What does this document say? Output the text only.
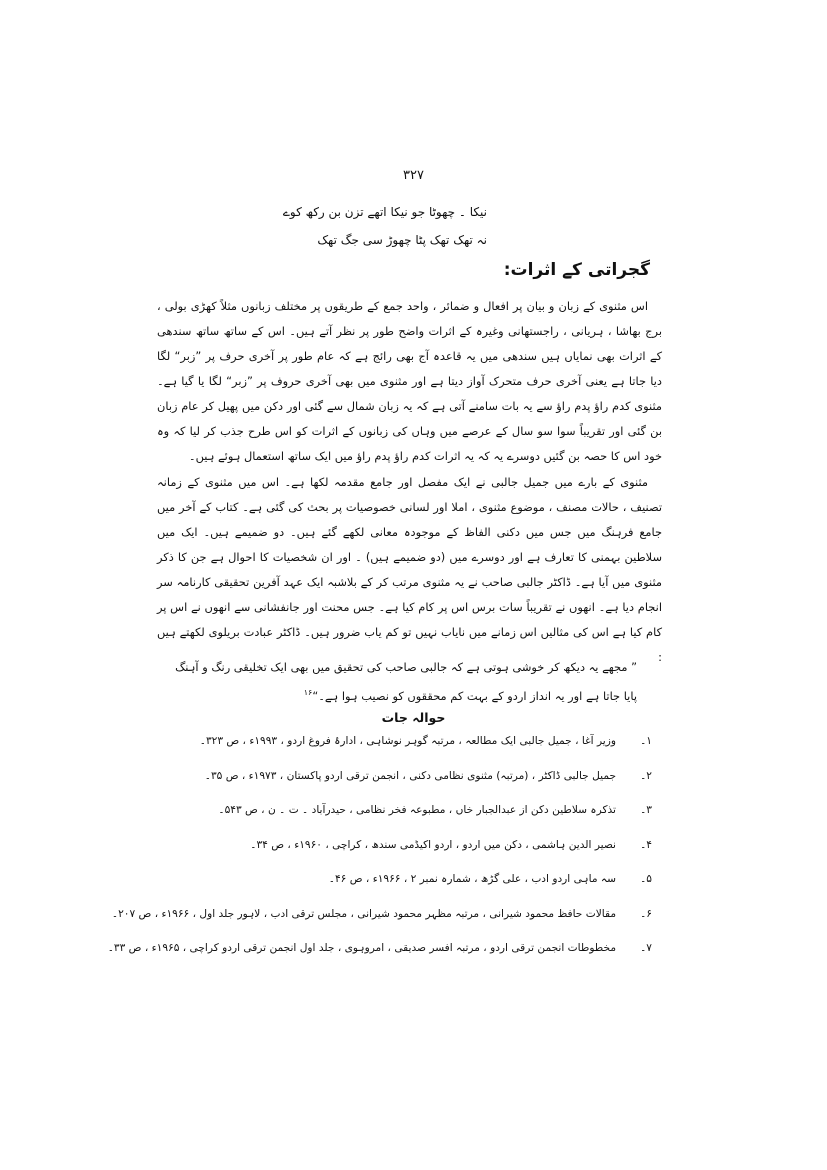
۳۲۷
نیکا ۔ چھوٹا جو نیکا اتھے تزن بن رکھ کوے
نہ تھک تھک پٹا چھوڑ سی جگ تھک
گجراتی کے اثرات:

اس مثنوی کے زبان و بیان پر افعال و ضمائر ، واحد جمع کے طریقوں پر مختلف زبانوں مثلاً کھڑی بولی ، برج بھاشا ، ہریانی ، راجستھانی وغیرہ کے اثرات واضح طور پر نظر آتے ہیں۔ اس کے ساتھ ساتھ سندھی کے اثرات بھی نمایاں ہیں سندھی میں یہ قاعدہ آج بھی رائج ہے کہ عام طور پر آخری حرف پر ”زبر“ لگا دیا جاتا ہے یعنی آخری حرف متحرک آواز دیتا ہے اور مثنوی میں بھی آخری حروف پر ”زبر“ لگا یا گیا ہے۔ مثنوی کدم راؤ پدم راؤ سے یہ بات سامنے آتی ہے کہ یہ زبان شمال سے گئی اور دکن میں پھیل کر عام زبان بن گئی اور تقریباً سوا سو سال کے عرصے میں وہاں کی زبانوں کے اثرات کو اس طرح جذب کر لیا کہ وہ خود اس کا حصہ بن گئیں دوسرے یہ کہ یہ اثرات کدم راؤ پدم راؤ میں ایک ساتھ استعمال ہوئے ہیں۔

مثنوی کے بارے میں جمیل جالبی نے ایک مفصل اور جامع مقدمہ لکھا ہے۔ اس میں مثنوی کے زمانہ تصنیف ، حالات مصنف ، موضوع مثنوی ، املا اور لسانی خصوصیات پر بحث کی گئی ہے۔ کتاب کے آخر میں جامع فرہنگ میں جس میں دکنی الفاظ کے موجودہ معانی لکھے گئے ہیں۔ دو ضمیمے ہیں۔ ایک میں سلاطین بہمنی کا تعارف ہے اور دوسرے میں (دو ضمیمے ہیں) ۔ اور ان شخصیات کا احوال ہے جن کا ذکر مثنوی میں آیا ہے۔ ڈاکٹر جالبی صاحب نے یہ مثنوی مرتب کر کے بلاشبہ ایک عہد آفرین تحقیقی کارنامہ سر انجام دیا ہے۔ انھوں نے تقریباً سات برس اس پر کام کیا ہے۔ جس محنت اور جانفشانی سے انھوں نے اس پر کام کیا ہے اس کی مثالیں اس زمانے میں نایاب نہیں تو کم یاب ضرور ہیں۔ ڈاکٹر عبادت بریلوی لکھتے ہیں :

” مجھے یہ دیکھ کر خوشی ہوتی ہے کہ جالبی صاحب کی تحقیق میں بھی ایک تخلیقی رنگ و آہنگ پایا جاتا ہے اور یہ انداز اردو کے بہت کم محققوں کو نصیب ہوا ہے۔“$^{۱۶}$
حوالہ جات
۱۔
وزیر آغا ، جمیل جالبی ایک مطالعہ ، مرتبہ گوہر نوشاہی ، ادارۂ فروغ اردو ، ۱۹۹۳ء ، ص ۳۲۳۔
۲۔
جمیل جالبی ڈاکٹر ، (مرتبہ) مثنوی نظامی دکنی ، انجمن ترقی اردو پاکستان ، ۱۹۷۳ء ، ص ۳۵۔
۳۔
تذکرہ سلاطین دکن از عبدالجبار خاں ، مطبوعہ فخر نظامی ، حیدرآباد ۔ ت ۔ ن ، ص ۵۴۳۔
۴۔
نصیر الدین ہاشمی ، دکن میں اردو ، اردو اکیڈمی سندھ ، کراچی ، ۱۹۶۰ء ، ص ۳۴۔
۵۔
سہ ماہی اردو ادب ، علی گڑھ ، شمارہ نمبر ۲ ، ۱۹۶۶ء ، ص ۴۶۔
۶۔
مقالات حافظ محمود شیرانی ، مرتبہ مظہر محمود شیرانی ، مجلس ترقی ادب ، لاہور جلد اول ، ۱۹۶۶ء ، ص ۲۰۷۔
۷۔
مخطوطات انجمن ترقی اردو ، مرتبہ افسر صدیقی ، امروہوی ، جلد اول انجمن ترقی اردو کراچی ، ۱۹۶۵ء ، ص ۳۳۔
